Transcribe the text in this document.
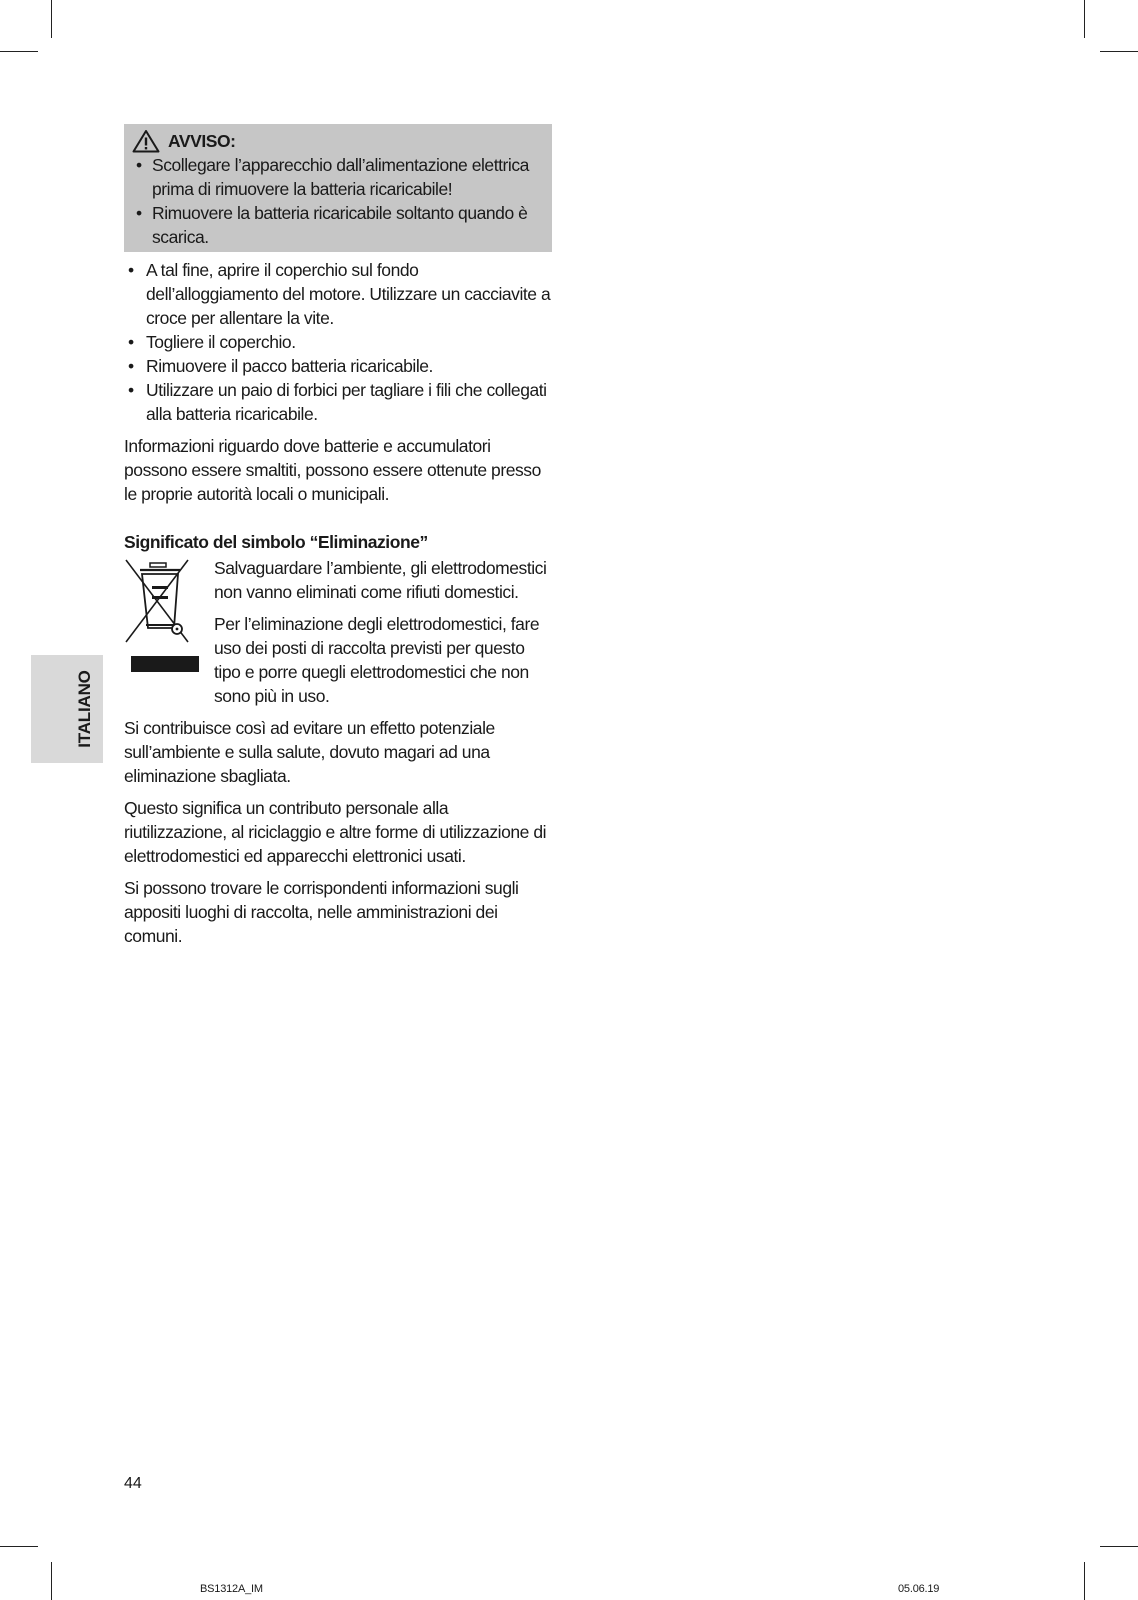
ITALIANO
AVVISO:
• Scollegare l’apparecchio dall’alimentazione elettrica prima di rimuovere la batteria ricaricabile!
• Rimuovere la batteria ricaricabile soltanto quando è scarica.
• A tal fine, aprire il coperchio sul fondo dell’alloggiamento del motore. Utilizzare un cacciavite a croce per allentare la vite.
• Togliere il coperchio.
• Rimuovere il pacco batteria ricaricabile.
• Utilizzare un paio di forbici per tagliare i fili che collegati alla batteria ricaricabile.

Informazioni riguardo dove batterie e accumulatori possono essere smaltiti, possono essere ottenute presso le proprie autorità locali o municipali.

Significato del simbolo “Eliminazione”

Salvaguardare l’ambiente, gli elettrodomestici non vanno eliminati come rifiuti domestici.

Per l’eliminazione degli elettrodomestici, fare uso dei posti di raccolta previsti per questo tipo e porre quegli elettrodomestici che non sono più in uso.

Si contribuisce così ad evitare un effetto potenziale sull’ambiente e sulla salute, dovuto magari ad una eliminazione sbagliata.

Questo significa un contributo personale alla riutilizzazione, al riciclaggio e altre forme di utilizzazione di elettrodomestici ed apparecchi elettronici usati.

Si possono trovare le corrispondenti informazioni sugli appositi luoghi di raccolta, nelle amministrazioni dei comuni.

44
BS1312A_IM	05.06.19
